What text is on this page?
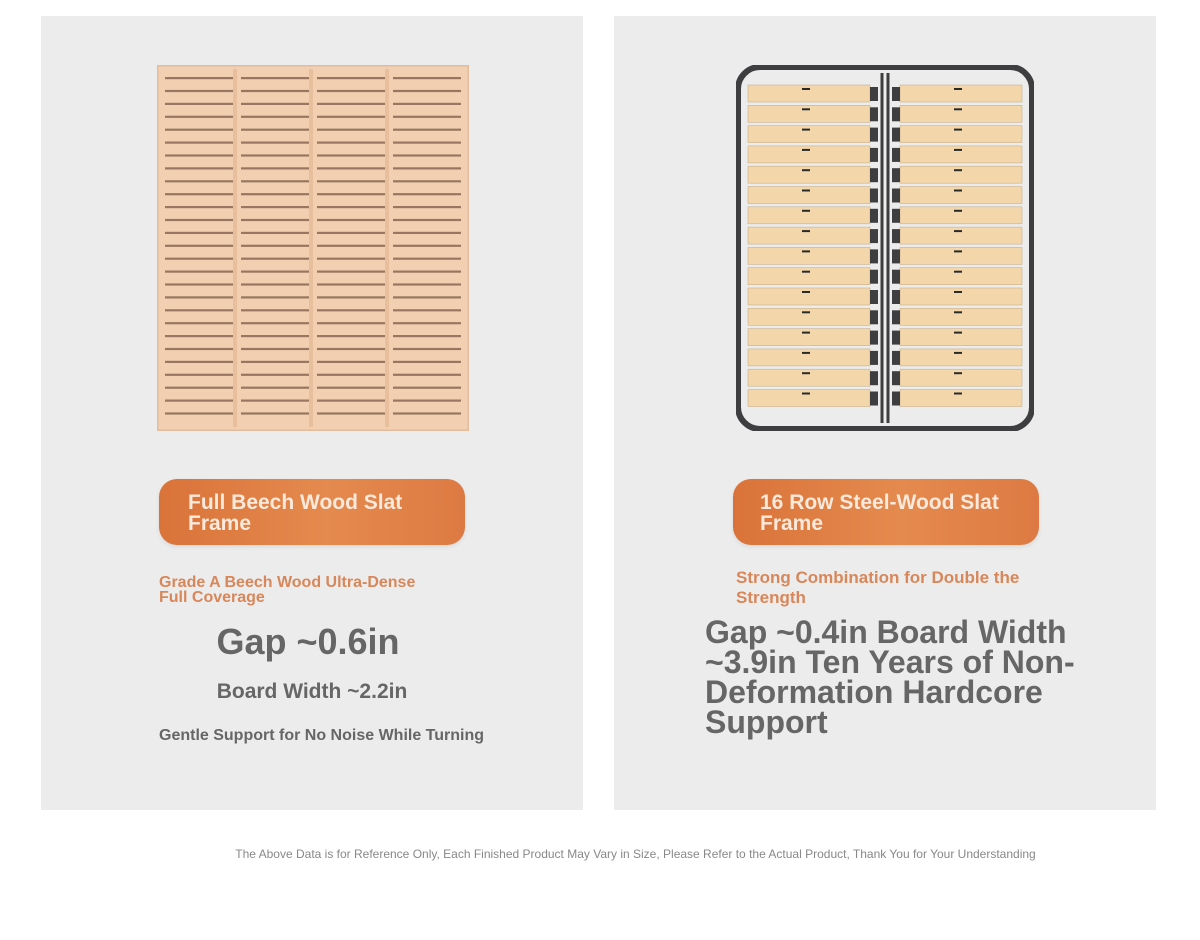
Full Beech Wood Slat Frame
Grade A Beech Wood Ultra-Dense Full Coverage
Gap ~0.6in
Board Width ~2.2in
Gentle Support for No Noise While Turning
16 Row Steel-Wood Slat Frame
Strong Combination for Double the Strength
Gap ~0.4in Board Width ~3.9in Ten Years of Non-Deformation Hardcore Support
The Above Data is for Reference Only, Each Finished Product May Vary in Size, Please Refer to the Actual Product, Thank You for Your Understanding
